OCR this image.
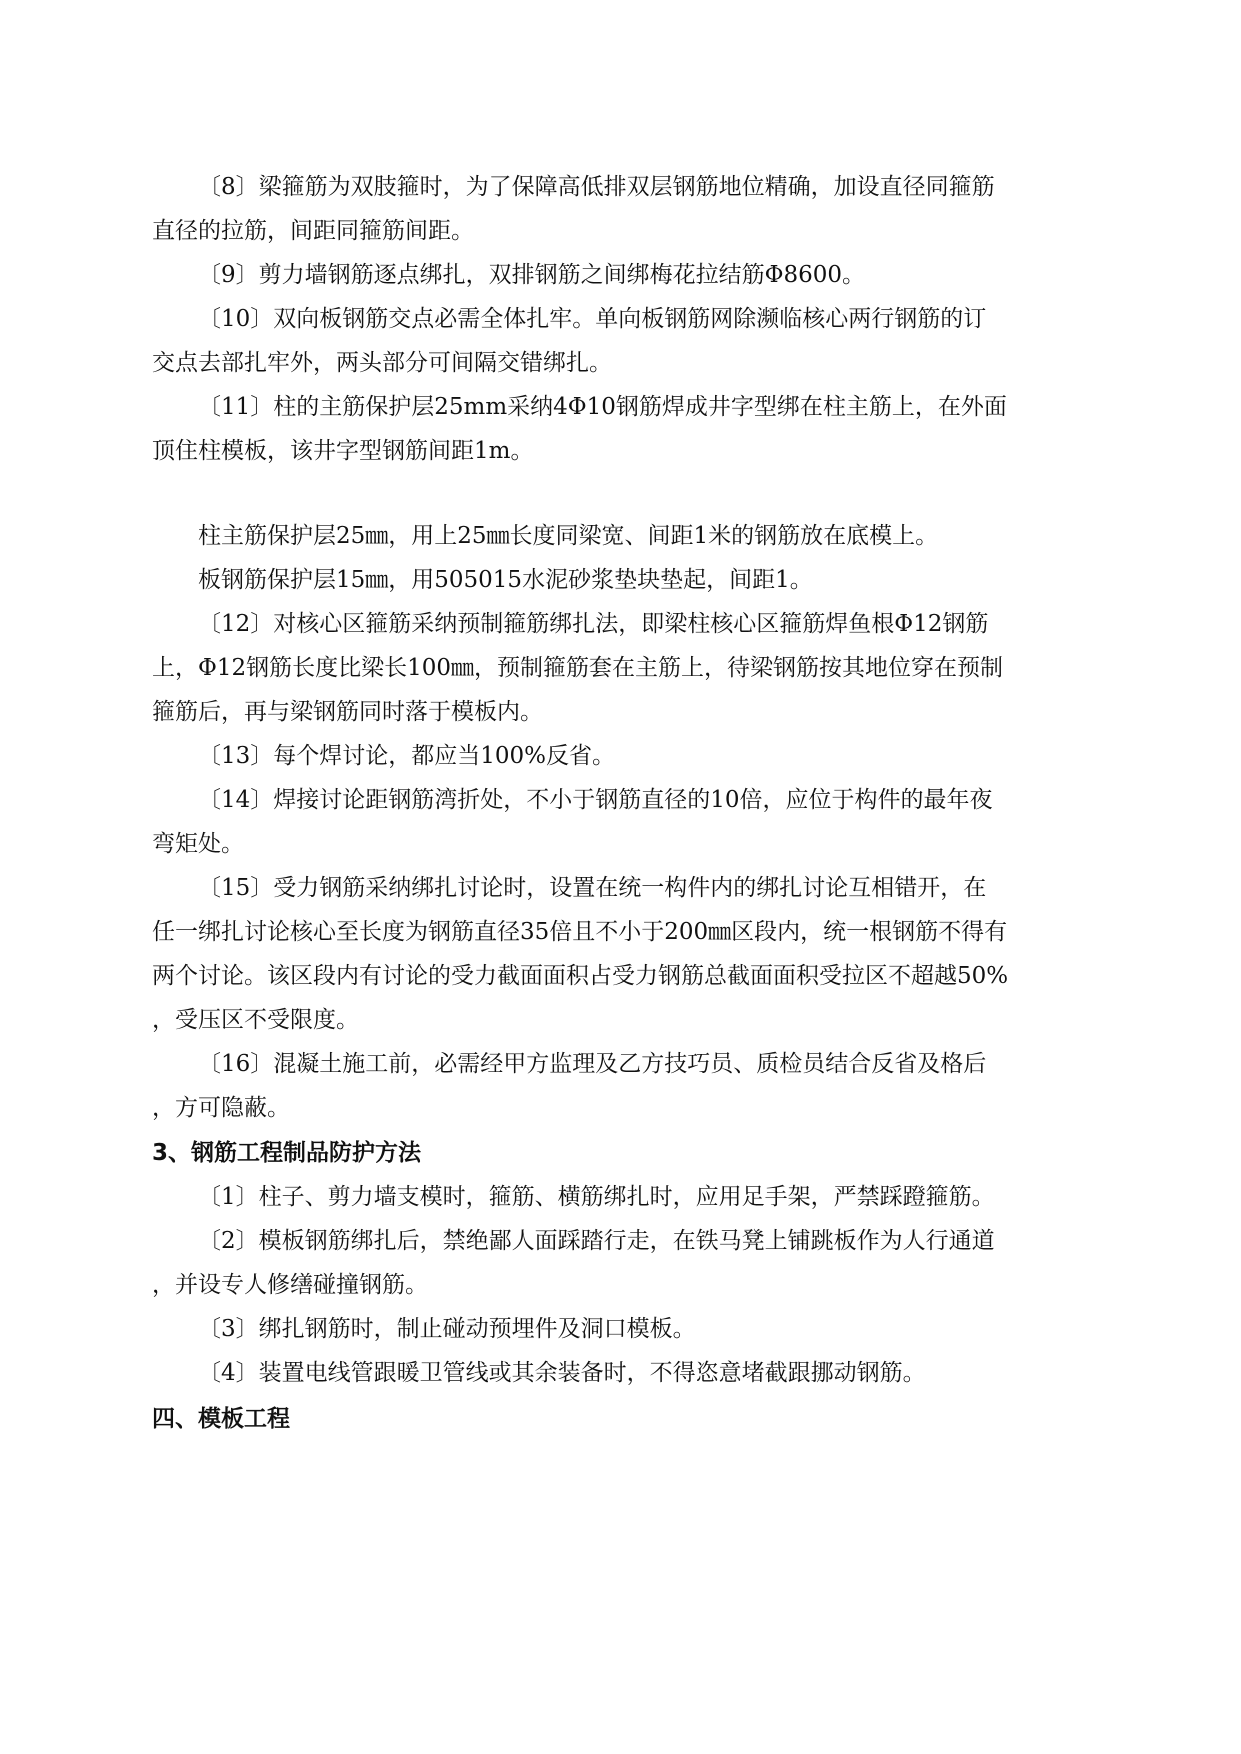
〔8〕梁箍筋为双肢箍时，为了保障高低排双层钢筋地位精确，加设直径同箍筋
直径的拉筋，间距同箍筋间距。
〔9〕剪力墙钢筋逐点绑扎，双排钢筋之间绑梅花拉结筋Φ8600。
〔10〕双向板钢筋交点必需全体扎牢。单向板钢筋网除濒临核心两行钢筋的订
交点去部扎牢外，两头部分可间隔交错绑扎。
〔11〕柱的主筋保护层25mm采纳4Φ10钢筋焊成井字型绑在柱主筋上，在外面
顶住柱模板，该井字型钢筋间距1m。
柱主筋保护层25㎜，用上25㎜长度同梁宽、间距1米的钢筋放在底模上。
板钢筋保护层15㎜，用505015水泥砂浆垫块垫起，间距1。
〔12〕对核心区箍筋采纳预制箍筋绑扎法，即梁柱核心区箍筋焊鱼根Φ12钢筋
上，Φ12钢筋长度比梁长100㎜，预制箍筋套在主筋上，待梁钢筋按其地位穿在预制
箍筋后，再与梁钢筋同时落于模板内。
〔13〕每个焊讨论，都应当100%反省。
〔14〕焊接讨论距钢筋湾折处，不小于钢筋直径的10倍，应位于构件的最年夜
弯矩处。
〔15〕受力钢筋采纳绑扎讨论时，设置在统一构件内的绑扎讨论互相错开，在
任一绑扎讨论核心至长度为钢筋直径35倍且不小于200㎜区段内，统一根钢筋不得有
两个讨论。该区段内有讨论的受力截面面积占受力钢筋总截面面积受拉区不超越50%
，受压区不受限度。
〔16〕混凝土施工前，必需经甲方监理及乙方技巧员、质检员结合反省及格后
，方可隐蔽。
3、钢筋工程制品防护方法
〔1〕柱子、剪力墙支模时，箍筋、横筋绑扎时，应用足手架，严禁踩蹬箍筋。
〔2〕模板钢筋绑扎后，禁绝鄙人面踩踏行走，在铁马凳上铺跳板作为人行通道
，并设专人修缮碰撞钢筋。
〔3〕绑扎钢筋时，制止碰动预埋件及洞口模板。
〔4〕装置电线管跟暖卫管线或其余装备时，不得恣意堵截跟挪动钢筋。
四、模板工程
